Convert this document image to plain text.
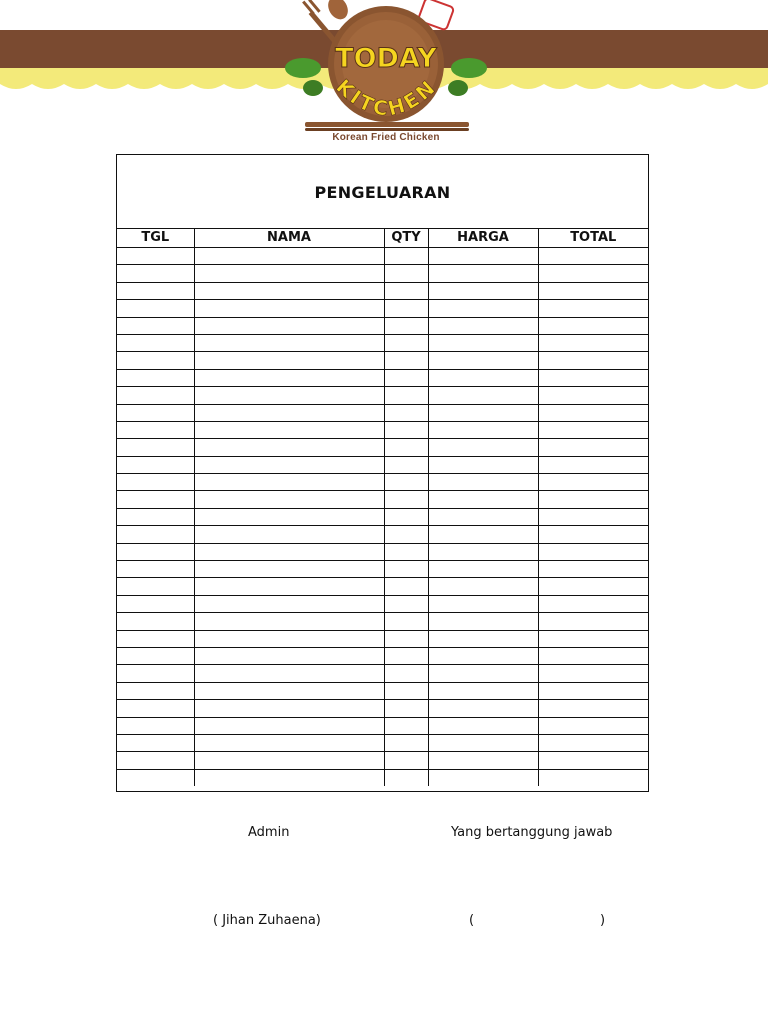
TODAY
KITCHEN
Korean Fried Chicken
PENGELUARAN
TGL	NAMA	QTY	HARGA	TOTAL

Admin	Yang bertanggung jawab
( Jihan Zuhaena)	(	)
